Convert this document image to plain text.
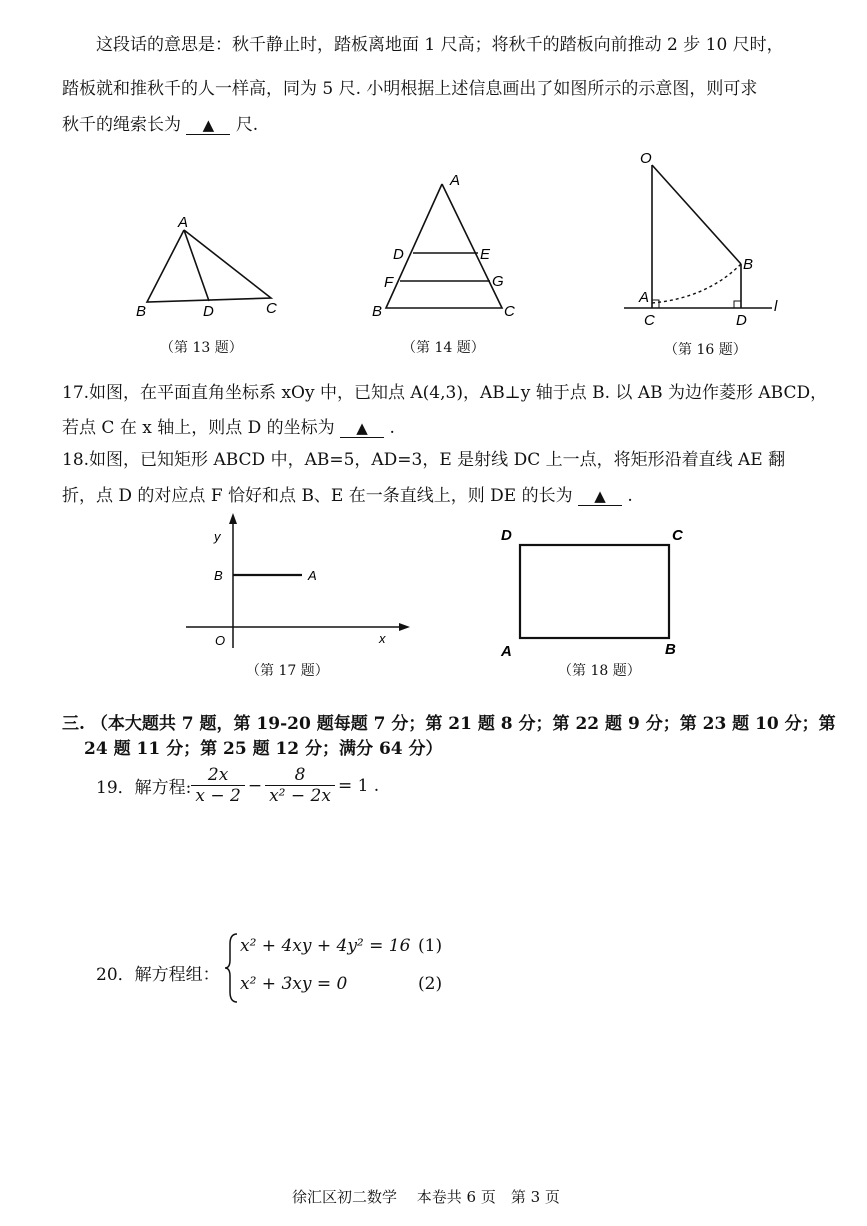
这段话的意思是：秋千静止时，踏板离地面 1 尺高；将秋千的踏板向前推动 2 步 10 尺时，
踏板就和推秋千的人一样高，同为 5 尺. 小明根据上述信息画出了如图所示的示意图，则可求
秋千的绳索长为 ▲ 尺.
A
B	D	C
（第 13 题）
A
D	E
F	G
B	C
（第 14 题）
O
B
A
C	D
l
（第 16 题）
17.如图，在平面直角坐标系 xOy 中，已知点 A(4,3)，AB⊥y 轴于点 B. 以 AB 为边作菱形 ABCD，
若点 C 在 x 轴上，则点 D 的坐标为 ▲ .
18.如图，已知矩形 ABCD 中，AB=5，AD=3，E 是射线 DC 上一点，将矩形沿着直线 AE 翻
折，点 D 的对应点 F 恰好和点 B、E 在一条直线上，则 DE 的长为 ▲ .
y
B	A
O	x
（第 17 题）
D	C
A	B
（第 18 题）
三. （本大题共 7 题，第 19-20 题每题 7 分；第 21 题 8 分；第 22 题 9 分；第 23 题 10 分；第
24 题 11 分；第 25 题 12 分；满分 64 分）
19．解方程: $\frac{2x}{x - 2} - \frac{8}{\text{x² − 2x}} = 1$ .
20．解方程组：
x² + 4xy + 4y² = 16 (1)
x² + 3xy = 0	(2)
徐汇区初二数学　 本卷共 6 页　第 3 页
